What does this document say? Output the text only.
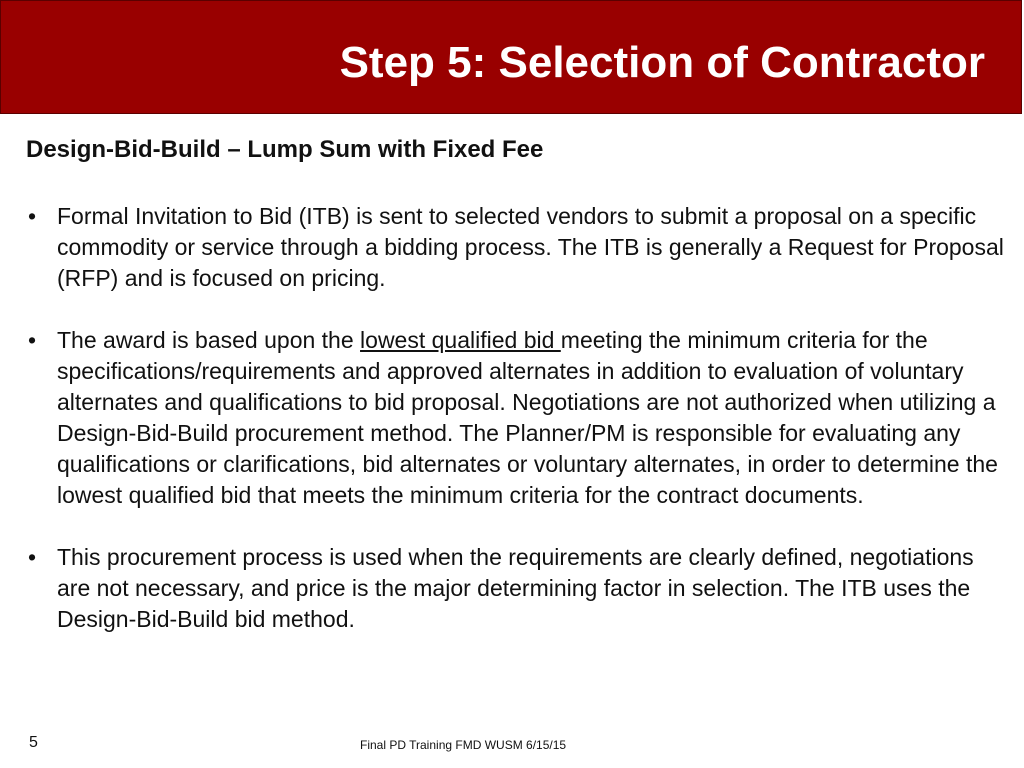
Step 5: Selection of Contractor
Design-Bid-Build – Lump Sum with Fixed Fee
• Formal Invitation to Bid (ITB) is sent to selected vendors to submit a proposal on a specific commodity or service through a bidding process. The ITB is generally a Request for Proposal (RFP) and is focused on pricing.
• The award is based upon the lowest qualified bid meeting the minimum criteria for the specifications/requirements and approved alternates in addition to evaluation of voluntary alternates and qualifications to bid proposal. Negotiations are not authorized when utilizing a Design-Bid-Build procurement method. The Planner/PM is responsible for evaluating any qualifications or clarifications, bid alternates or voluntary alternates, in order to determine the lowest qualified bid that meets the minimum criteria for the contract documents.
• This procurement process is used when the requirements are clearly defined, negotiations are not necessary, and price is the major determining factor in selection. The ITB uses the Design-Bid-Build bid method.
5	Final PD Training FMD WUSM 6/15/15
